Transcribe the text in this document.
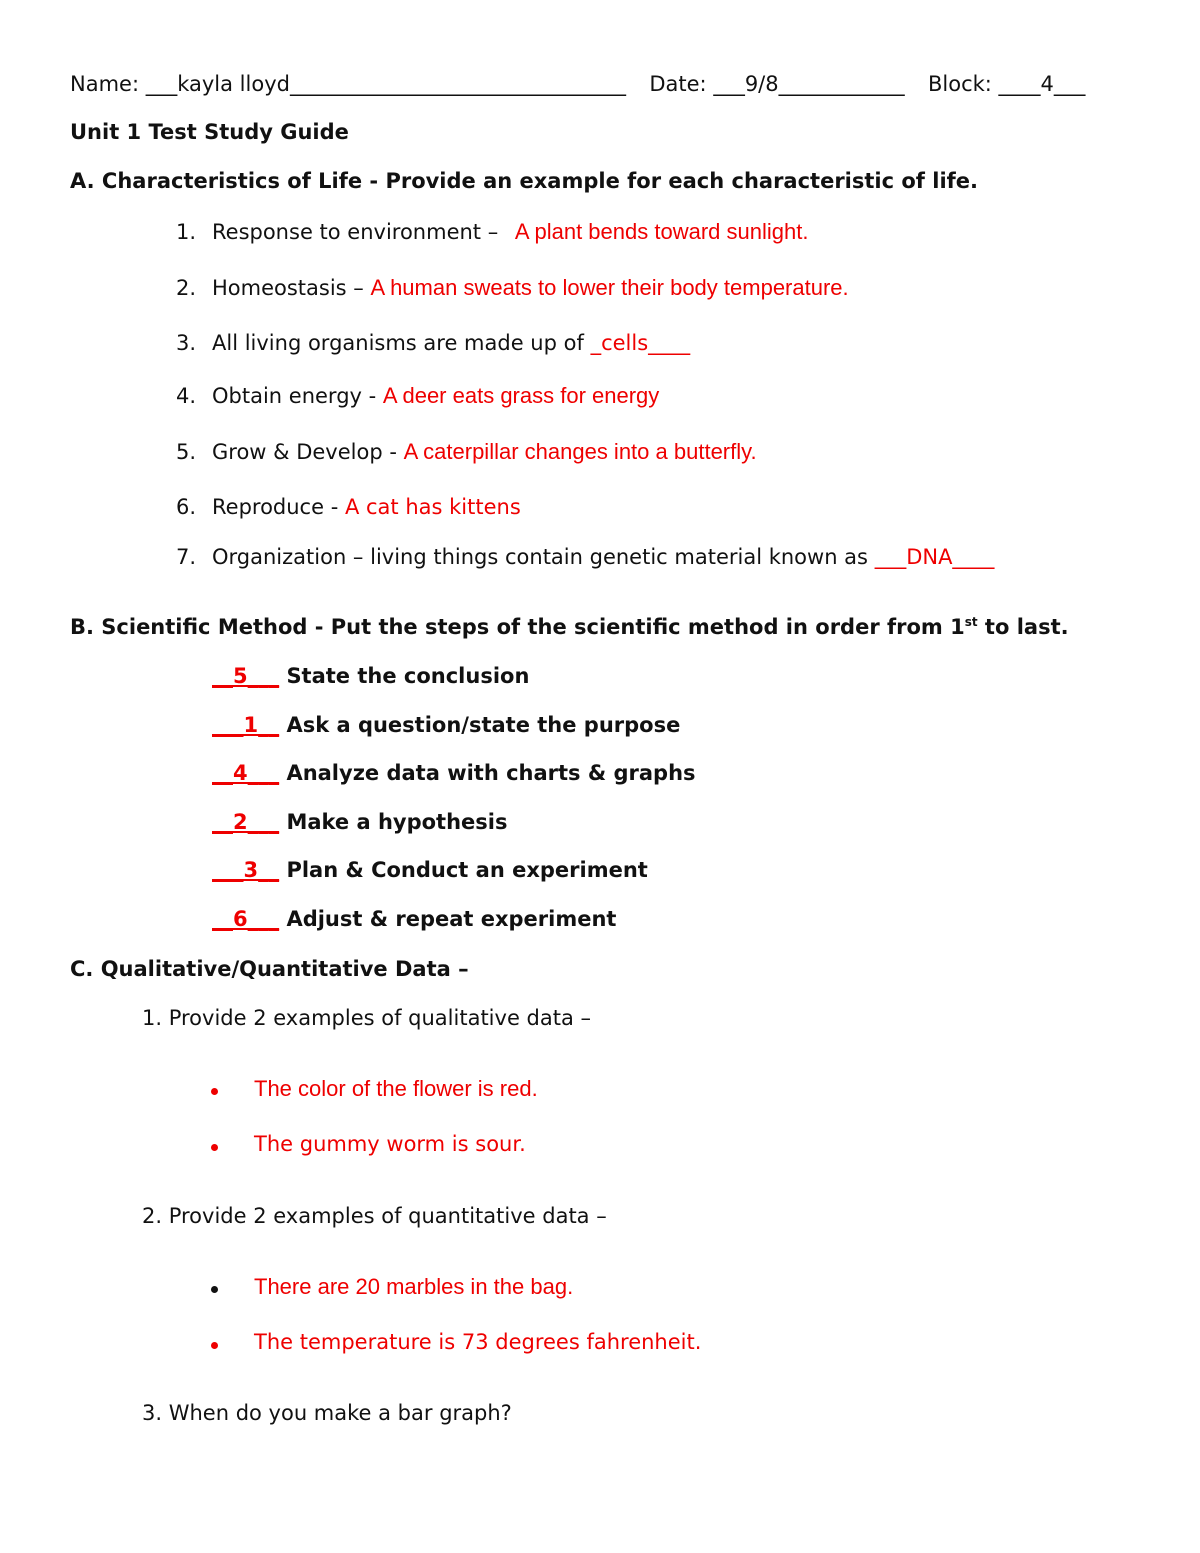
Name: ___kayla lloyd________________________________ Date: ___9/8____________ Block: ____4___
Unit 1 Test Study Guide
A. Characteristics of Life - Provide an example for each characteristic of life.
1. Response to environment – A plant bends toward sunlight.
2. Homeostasis – A human sweats to lower their body temperature.
3. All living organisms are made up of _cells____
4. Obtain energy - A deer eats grass for energy
5. Grow & Develop - A caterpillar changes into a butterfly.
6. Reproduce - A cat has kittens
7. Organization – living things contain genetic material known as ___DNA____
B. Scientific Method - Put the steps of the scientific method in order from 1st to last.
__5___ State the conclusion
___1__ Ask a question/state the purpose
__4___ Analyze data with charts & graphs
__2___ Make a hypothesis
___3__ Plan & Conduct an experiment
__6___ Adjust & repeat experiment
C. Qualitative/Quantitative Data –
1. Provide 2 examples of qualitative data –
The color of the flower is red.
The gummy worm is sour.
2. Provide 2 examples of quantitative data –
There are 20 marbles in the bag.
The temperature is 73 degrees fahrenheit.
3. When do you make a bar graph?
